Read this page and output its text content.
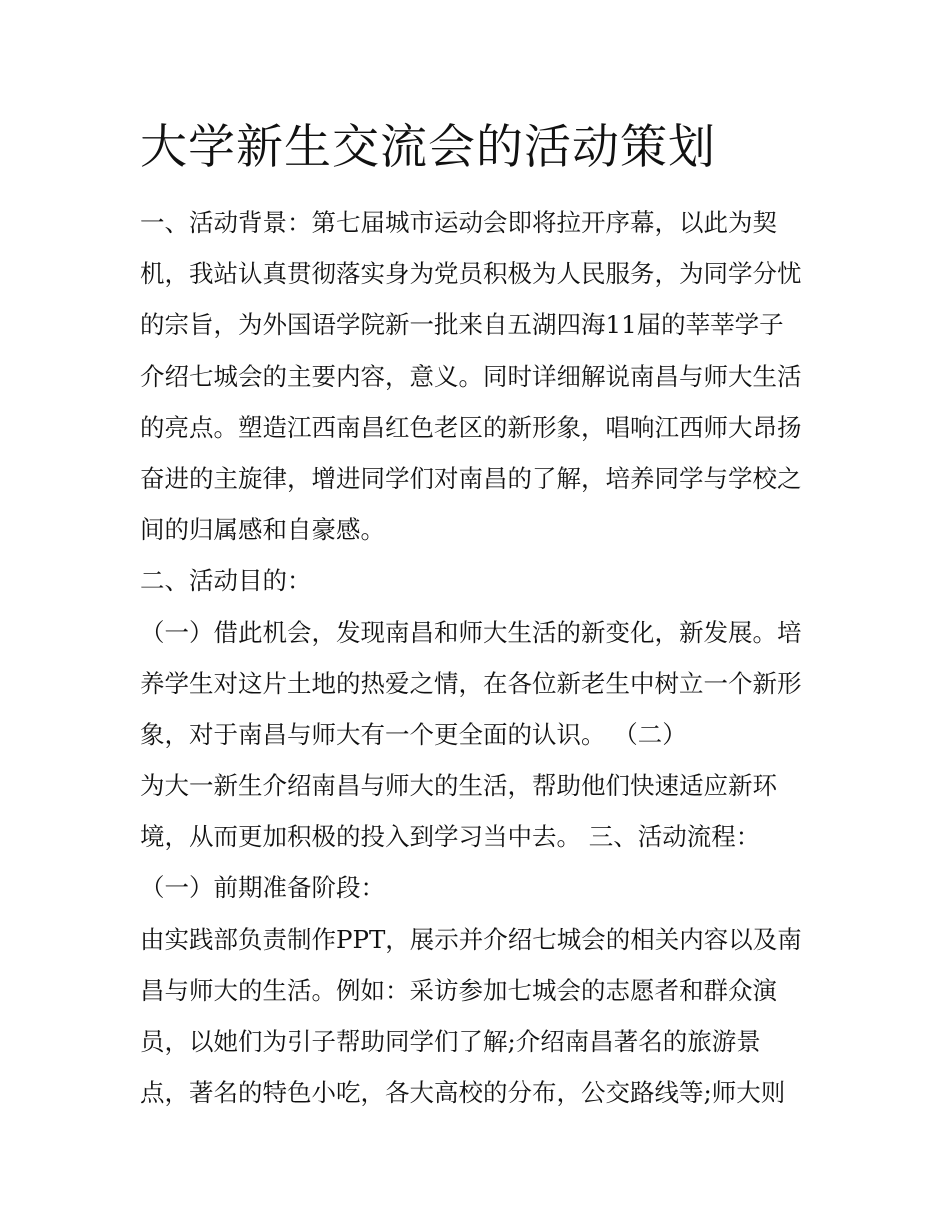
大学新生交流会的活动策划
一、活动背景：第七届城市运动会即将拉开序幕，以此为契
机，我站认真贯彻落实身为党员积极为人民服务，为同学分忧
的宗旨，为外国语学院新一批来自五湖四海11届的莘莘学子
介绍七城会的主要内容，意义。同时详细解说南昌与师大生活
的亮点。塑造江西南昌红色老区的新形象，唱响江西师大昂扬
奋进的主旋律，增进同学们对南昌的了解，培养同学与学校之
间的归属感和自豪感。
二、活动目的：
（一）借此机会，发现南昌和师大生活的新变化，新发展。培
养学生对这片土地的热爱之情，在各位新老生中树立一个新形
象，对于南昌与师大有一个更全面的认识。 （二）
为大一新生介绍南昌与师大的生活，帮助他们快速适应新环
境，从而更加积极的投入到学习当中去。 三、活动流程：
（一）前期准备阶段：
由实践部负责制作PPT，展示并介绍七城会的相关内容以及南
昌与师大的生活。例如：采访参加七城会的志愿者和群众演
员，以她们为引子帮助同学们了解;介绍南昌著名的旅游景
点，著名的特色小吃，各大高校的分布，公交路线等;师大则
